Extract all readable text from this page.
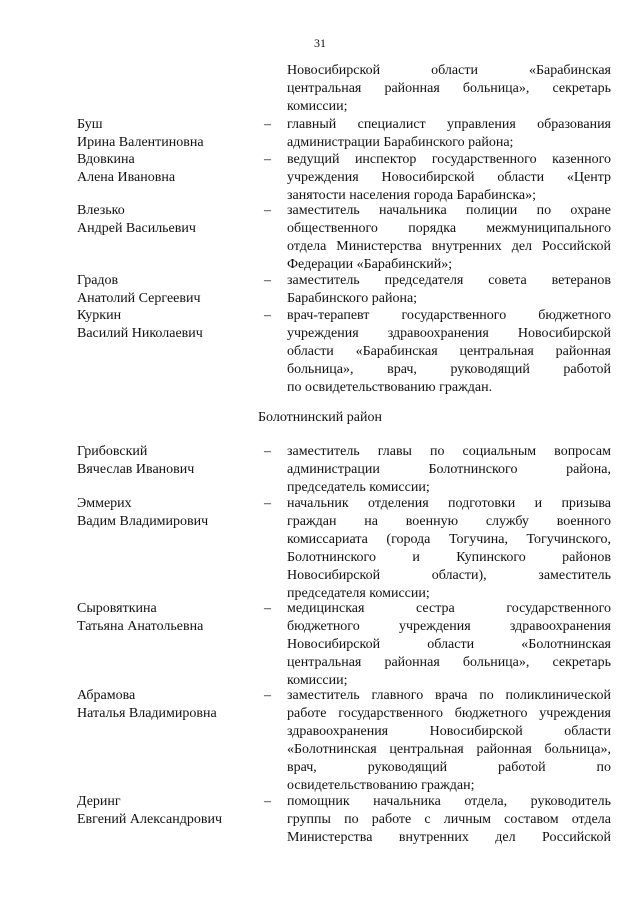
31
Новосибирской области «Барабинская
центральная районная больница», секретарь
комиссии;
Буш
Ирина Валентиновна
– главный специалист управления образования
администрации Барабинского района;
Вдовкина
Алена Ивановна
– ведущий инспектор государственного казенного
учреждения Новосибирской области «Центр
занятости населения города Барабинска»;
Влезько
Андрей Васильевич
– заместитель начальника полиции по охране
общественного порядка межмуниципального
отдела Министерства внутренних дел Российской
Федерации «Барабинский»;
Градов
Анатолий Сергеевич
– заместитель председателя совета ветеранов
Барабинского района;
Куркин
Василий Николаевич
– врач-терапевт государственного бюджетного
учреждения здравоохранения Новосибирской
области «Барабинская центральная районная
больница», врач, руководящий работой
по освидетельствованию граждан.
Болотнинский район
Грибовский
Вячеслав Иванович
– заместитель главы по социальным вопросам
администрации Болотнинского района,
председатель комиссии;
Эммерих
Вадим Владимирович
– начальник отделения подготовки и призыва
граждан на военную службу военного
комиссариата (города Тогучина, Тогучинского,
Болотнинского и Купинского районов
Новосибирской области), заместитель
председателя комиссии;
Сыровяткина
Татьяна Анатольевна
– медицинская сестра государственного
бюджетного учреждения здравоохранения
Новосибирской области «Болотнинская
центральная районная больница», секретарь
комиссии;
Абрамова
Наталья Владимировна
– заместитель главного врача по поликлинической
работе государственного бюджетного учреждения
здравоохранения Новосибирской области
«Болотнинская центральная районная больница»,
врач, руководящий работой по
освидетельствованию граждан;
Деринг
Евгений Александрович
– помощник начальника отдела, руководитель
группы по работе с личным составом отдела
Министерства внутренних дел Российской
